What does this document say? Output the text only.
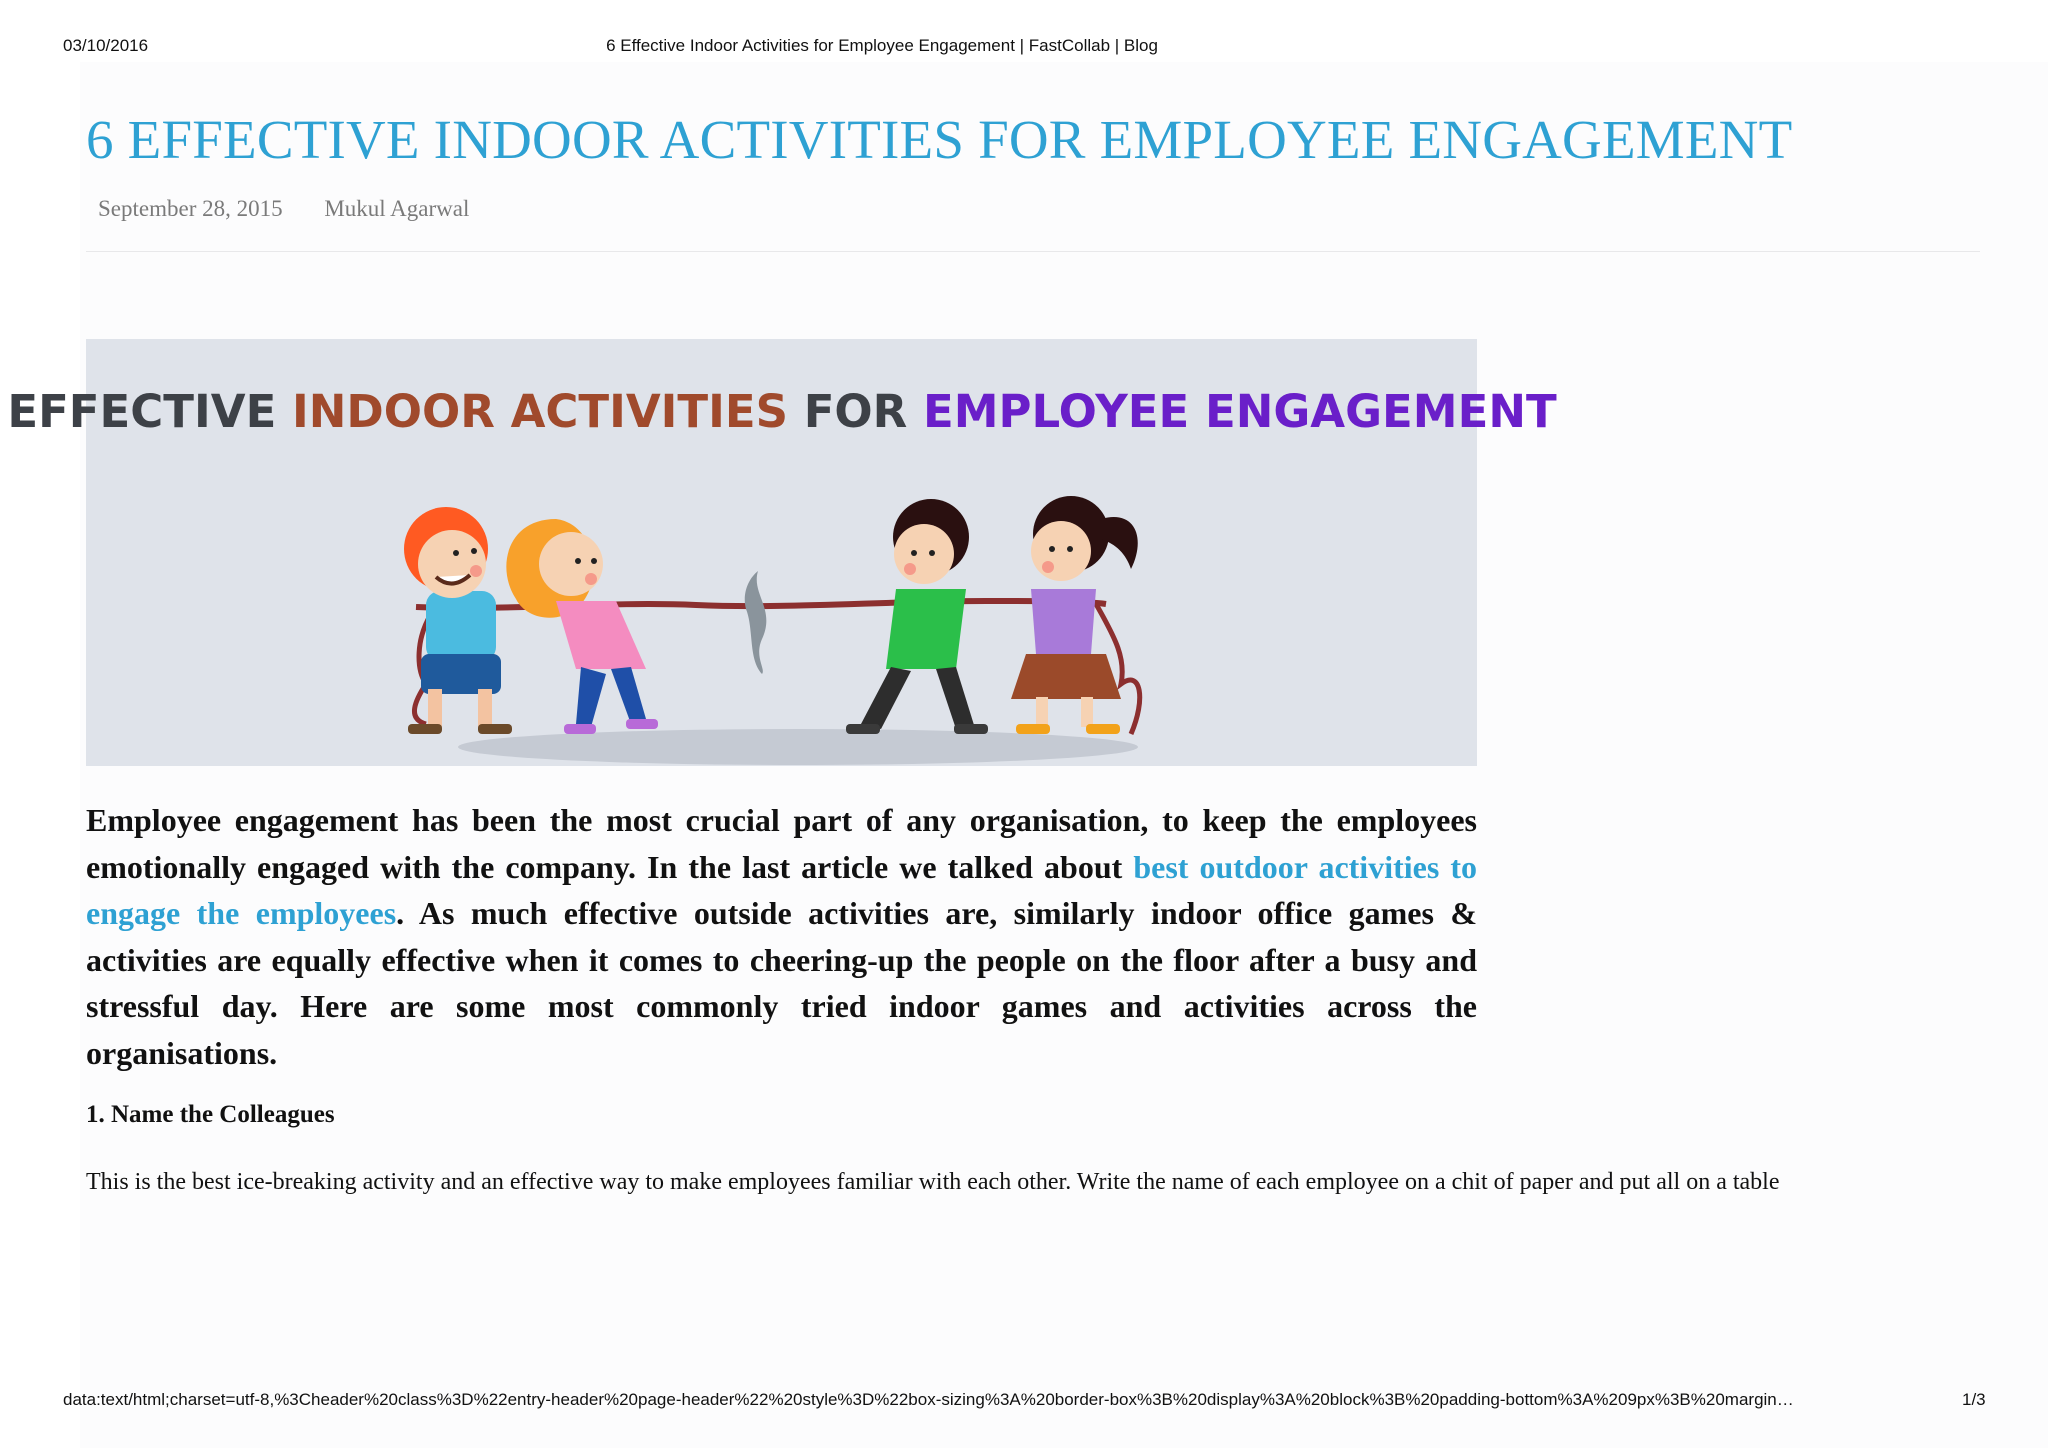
03/10/2016	6 Effective Indoor Activities for Employee Engagement | FastCollab | Blog
6 EFFECTIVE INDOOR ACTIVITIES FOR EMPLOYEE ENGAGEMENT
September 28, 2015 Mukul Agarwal
EFFECTIVE INDOOR ACTIVITIES FOR EMPLOYEE ENGAGEMENT

Employee engagement has been the most crucial part of any organisation, to keep the employees emotionally engaged with the company. In the last article we talked about best outdoor activities to engage the employees. As much effective outside activities are, similarly indoor office games & activities are equally effective when it comes to cheering-up the people on the floor after a busy and stressful day. Here are some most commonly tried indoor games and activities across the organisations.

1. Name the Colleagues

This is the best ice-breaking activity and an effective way to make employees familiar with each other. Write the name of each employee on a chit of paper and put all on a table

data:text/html;charset=utf-8,%3Cheader%20class%3D%22entry-header%20page-header%22%20style%3D%22box-sizing%3A%20border-box%3B%20display%3A%20block%3B%20padding-bottom%3A%209px%3B%20margin…	1/3
